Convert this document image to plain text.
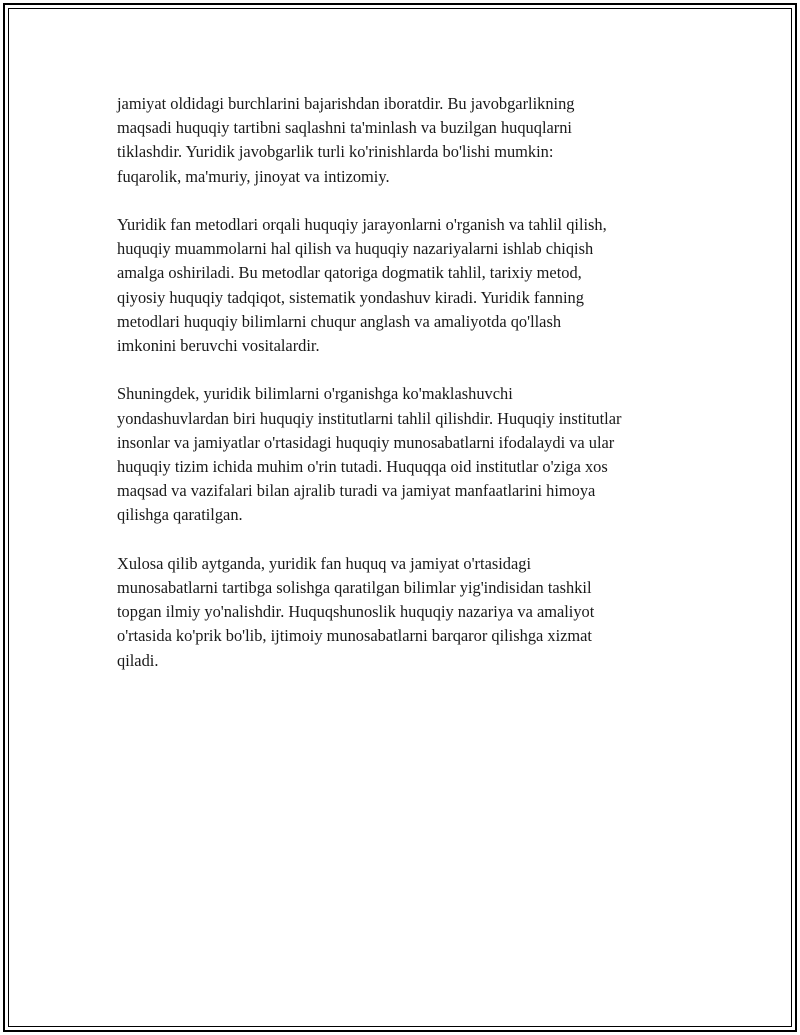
jamiyat oldidagi burchlarini bajarishdan iboratdir. Bu javobgarlikning
maqsadi huquqiy tartibni saqlashni ta'minlash va buzilgan huquqlarni
tiklashdir. Yuridik javobgarlik turli ko'rinishlarda bo'lishi mumkin:
fuqarolik, ma'muriy, jinoyat va intizomiy.

Yuridik fan metodlari orqali huquqiy jarayonlarni o'rganish va tahlil qilish,
huquqiy muammolarni hal qilish va huquqiy nazariyalarni ishlab chiqish
amalga oshiriladi. Bu metodlar qatoriga dogmatik tahlil, tarixiy metod,
qiyosiy huquqiy tadqiqot, sistematik yondashuv kiradi. Yuridik fanning
metodlari huquqiy bilimlarni chuqur anglash va amaliyotda qo'llash
imkonini beruvchi vositalardir.

Shuningdek, yuridik bilimlarni o'rganishga ko'maklashuvchi
yondashuvlardan biri huquqiy institutlarni tahlil qilishdir. Huquqiy institutlar
insonlar va jamiyatlar o'rtasidagi huquqiy munosabatlarni ifodalaydi va ular
huquqiy tizim ichida muhim o'rin tutadi. Huquqqa oid institutlar o'ziga xos
maqsad va vazifalari bilan ajralib turadi va jamiyat manfaatlarini himoya
qilishga qaratilgan.

Xulosa qilib aytganda, yuridik fan huquq va jamiyat o'rtasidagi
munosabatlarni tartibga solishga qaratilgan bilimlar yig'indisidan tashkil
topgan ilmiy yo'nalishdir. Huquqshunoslik huquqiy nazariya va amaliyot
o'rtasida ko'prik bo'lib, ijtimoiy munosabatlarni barqaror qilishga xizmat
qiladi.
